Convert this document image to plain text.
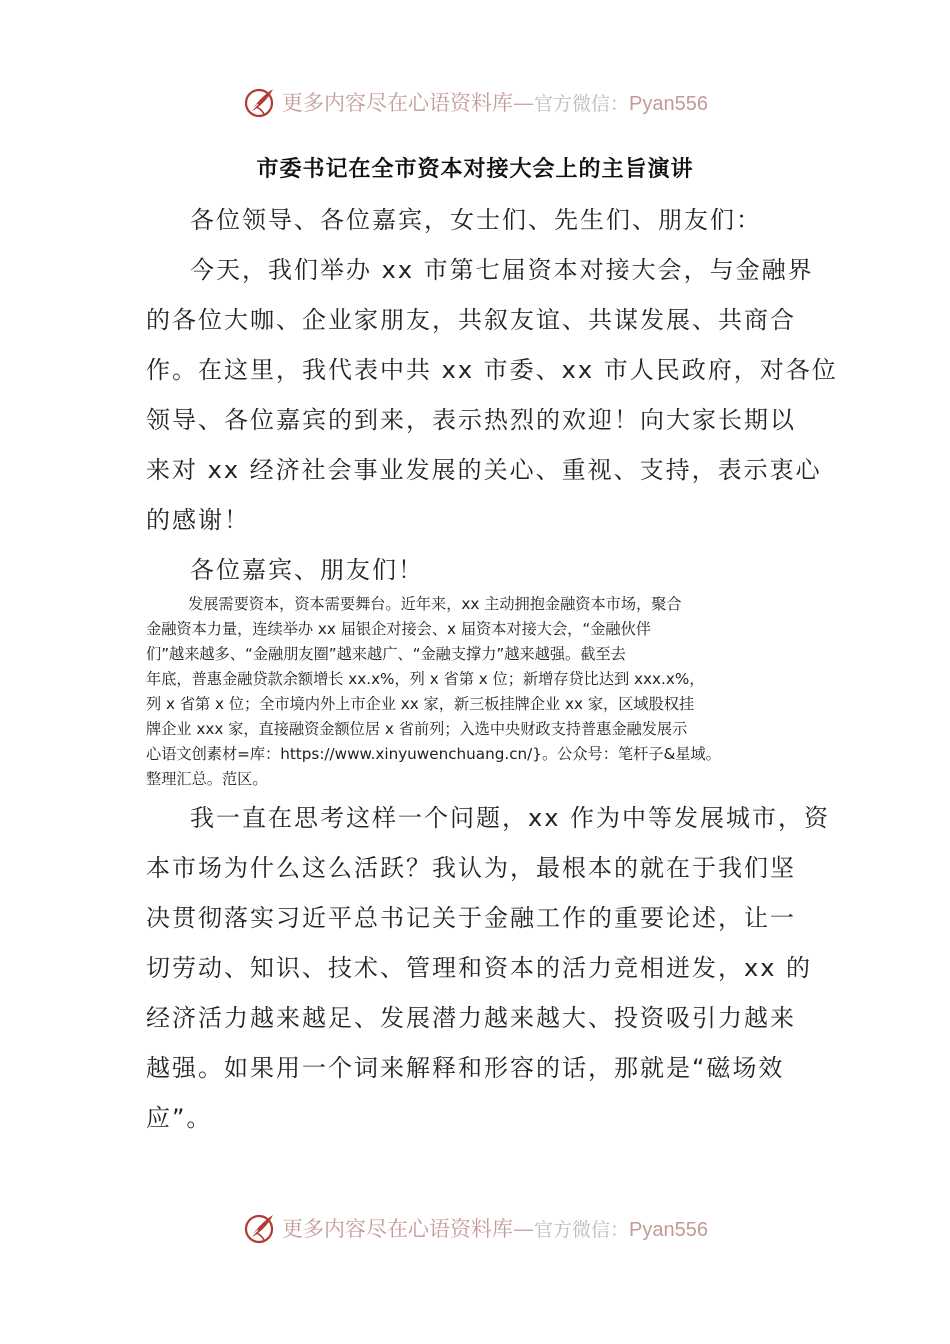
更多内容尽在心语资料库—官方微信：Pyan556
市委书记在全市资本对接大会上的主旨演讲
各位领导、各位嘉宾，女士们、先生们、朋友们：
今天，我们举办 xx 市第七届资本对接大会，与金融界
的各位大咖、企业家朋友，共叙友谊、共谋发展、共商合
作。在这里，我代表中共 xx 市委、xx 市人民政府，对各位
领导、各位嘉宾的到来，表示热烈的欢迎！向大家长期以
来对 xx 经济社会事业发展的关心、重视、支持，表示衷心
的感谢！
各位嘉宾、朋友们！
发展需要资本，资本需要舞台。近年来，xx 主动拥抱金融资本市场，聚合
金融资本力量，连续举办 xx 届银企对接会、x 届资本对接大会，“金融伙伴
们”越来越多、“金融朋友圈”越来越广、“金融支撑力”越来越强。截至去
年底，普惠金融贷款余额增长 xx.x%，列 x 省第 x 位；新增存贷比达到 xxx.x%，
列 x 省第 x 位；全市境内外上市企业 xx 家，新三板挂牌企业 xx 家，区域股权挂
牌企业 xxx 家，直接融资金额位居 x 省前列；入选中央财政支持普惠金融发展示
心语文创素材=库：https://www.xinyuwenchuang.cn/}。公众号：笔杆子&星域。
整理汇总。范区。
我一直在思考这样一个问题，xx 作为中等发展城市，资
本市场为什么这么活跃？我认为，最根本的就在于我们坚
决贯彻落实习近平总书记关于金融工作的重要论述，让一
切劳动、知识、技术、管理和资本的活力竞相迸发，xx 的
经济活力越来越足、发展潜力越来越大、投资吸引力越来
越强。如果用一个词来解释和形容的话，那就是“磁场效
应”。
更多内容尽在心语资料库—官方微信：Pyan556
